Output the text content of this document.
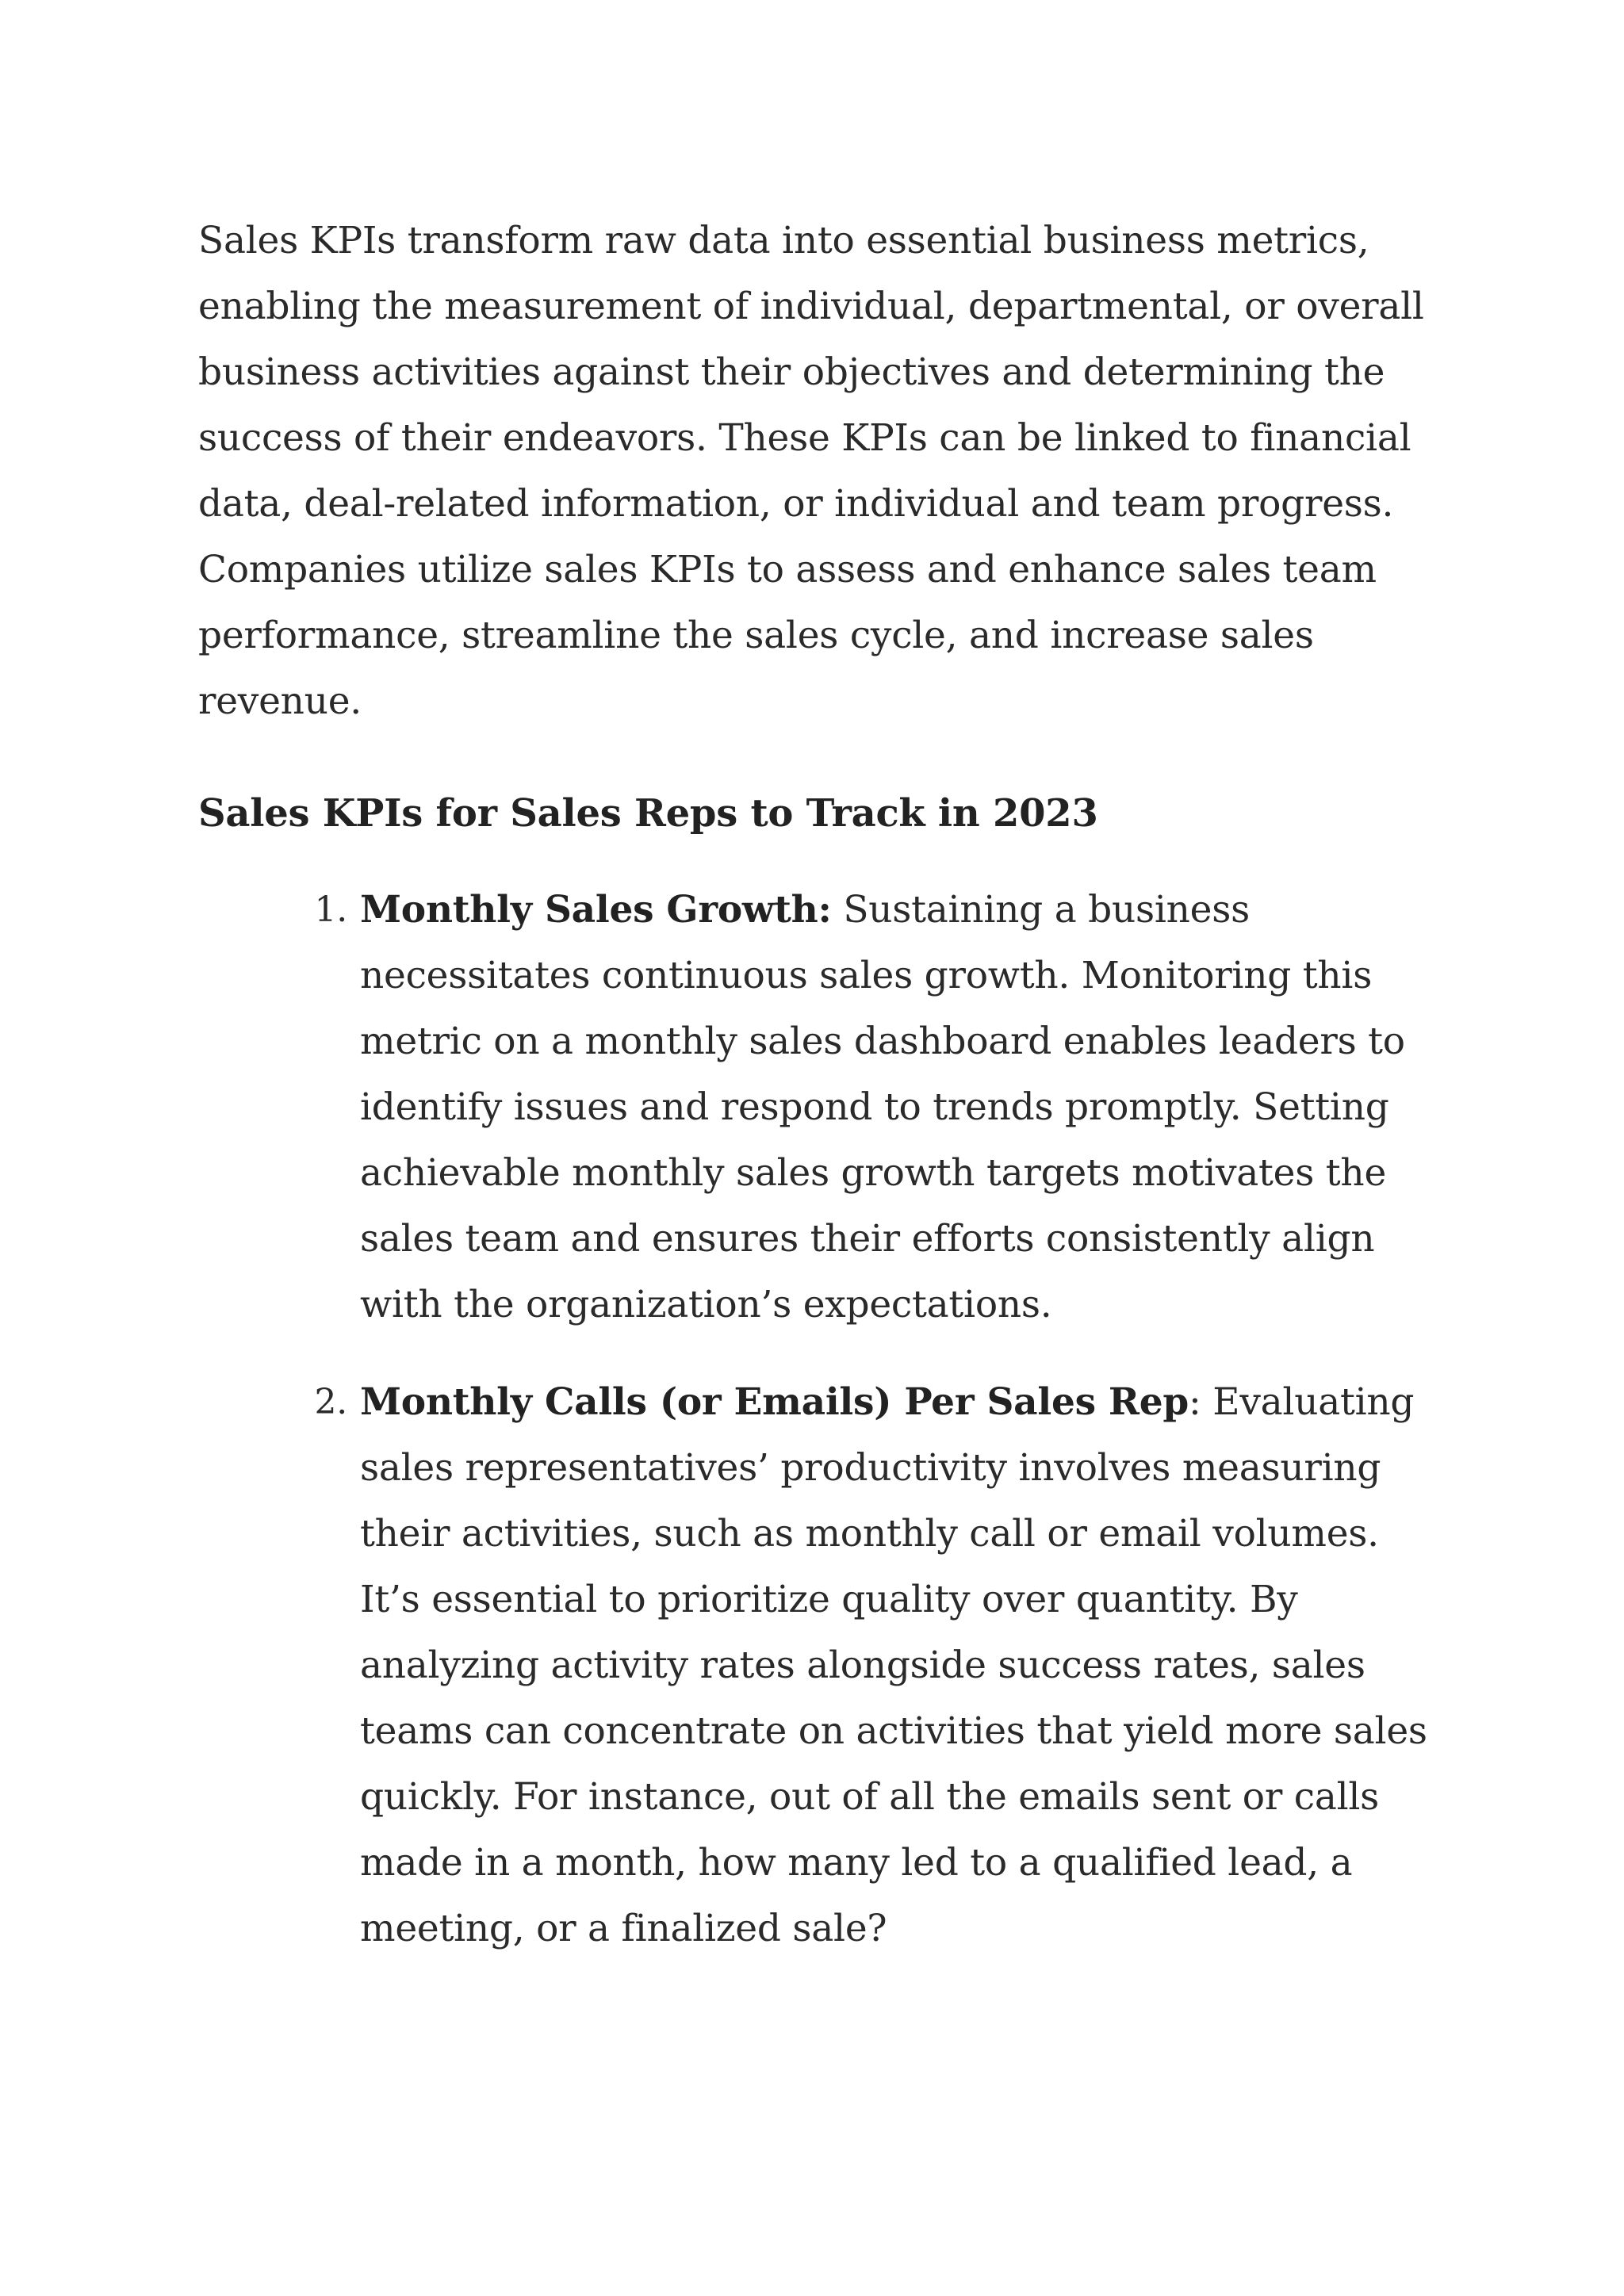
Sales KPIs transform raw data into essential business metrics, enabling the measurement of individual, departmental, or overall business activities against their objectives and determining the success of their endeavors. These KPIs can be linked to financial data, deal-related information, or individual and team progress. Companies utilize sales KPIs to assess and enhance sales team performance, streamline the sales cycle, and increase sales revenue.

Sales KPIs for Sales Reps to Track in 2023
1. Monthly Sales Growth: Sustaining a business necessitates continuous sales growth. Monitoring this metric on a monthly sales dashboard enables leaders to identify issues and respond to trends promptly. Setting achievable monthly sales growth targets motivates the sales team and ensures their efforts consistently align with the organization’s expectations.
2. Monthly Calls (or Emails) Per Sales Rep: Evaluating sales representatives’ productivity involves measuring their activities, such as monthly call or email volumes. It’s essential to prioritize quality over quantity. By analyzing activity rates alongside success rates, sales teams can concentrate on activities that yield more sales quickly. For instance, out of all the emails sent or calls made in a month, how many led to a qualified lead, a meeting, or a finalized sale?
